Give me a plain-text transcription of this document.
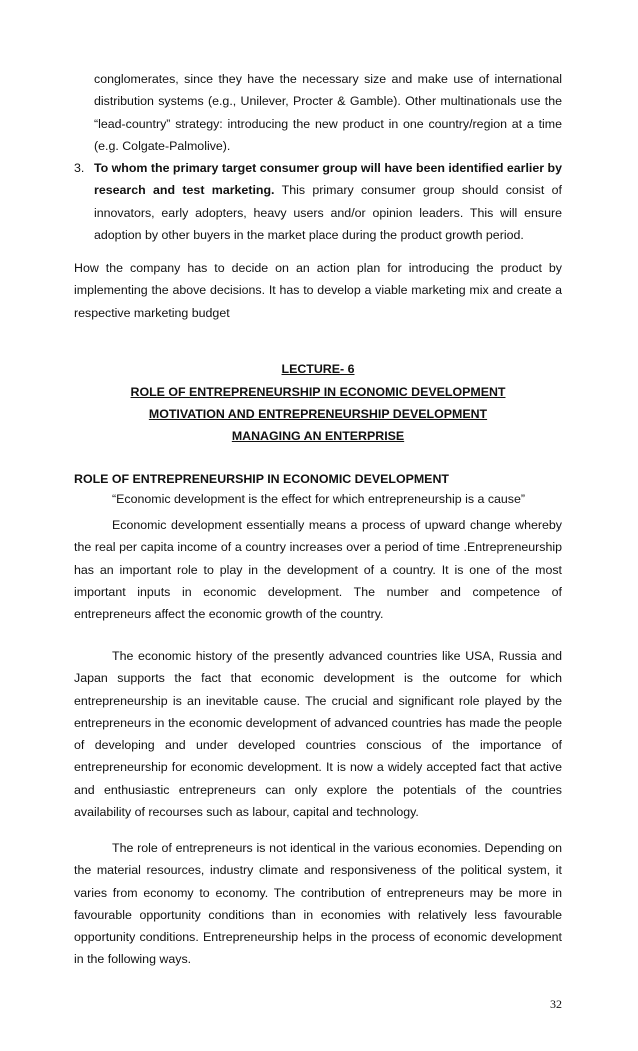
conglomerates, since they have the necessary size and make use of international distribution systems (e.g., Unilever, Procter & Gamble). Other multinationals use the “lead-country” strategy: introducing the new product in one country/region at a time (e.g. Colgate-Palmolive).

3. To whom the primary target consumer group will have been identified earlier by research and test marketing. This primary consumer group should consist of innovators, early adopters, heavy users and/or opinion leaders. This will ensure adoption by other buyers in the market place during the product growth period.

How the company has to decide on an action plan for introducing the product by implementing the above decisions. It has to develop a viable marketing mix and create a respective marketing budget

LECTURE- 6

ROLE OF ENTREPRENEURSHIP IN ECONOMIC DEVELOPMENT

MOTIVATION AND ENTREPRENEURSHIP DEVELOPMENT

MANAGING AN ENTERPRISE

ROLE OF ENTREPRENEURSHIP IN ECONOMIC DEVELOPMENT

“Economic development is the effect for which entrepreneurship is a cause”

Economic development essentially means a process of upward change whereby the real per capita income of a country increases over a period of time .Entrepreneurship has an important role to play in the development of a country. It is one of the most important inputs in economic development. The number and competence of entrepreneurs affect the economic growth of the country.

The economic history of the presently advanced countries like USA, Russia and Japan supports the fact that economic development is the outcome for which entrepreneurship is an inevitable cause. The crucial and significant role played by the entrepreneurs in the economic development of advanced countries has made the people of developing and under developed countries conscious of the importance of entrepreneurship for economic development. It is now a widely accepted fact that active and enthusiastic entrepreneurs can only explore the potentials of the countries availability of recourses such as labour, capital and technology.

The role of entrepreneurs is not identical in the various economies. Depending on the material resources, industry climate and responsiveness of the political system, it varies from economy to economy. The contribution of entrepreneurs may be more in favourable opportunity conditions than in economies with relatively less favourable opportunity conditions. Entrepreneurship helps in the process of economic development in the following ways.

32
